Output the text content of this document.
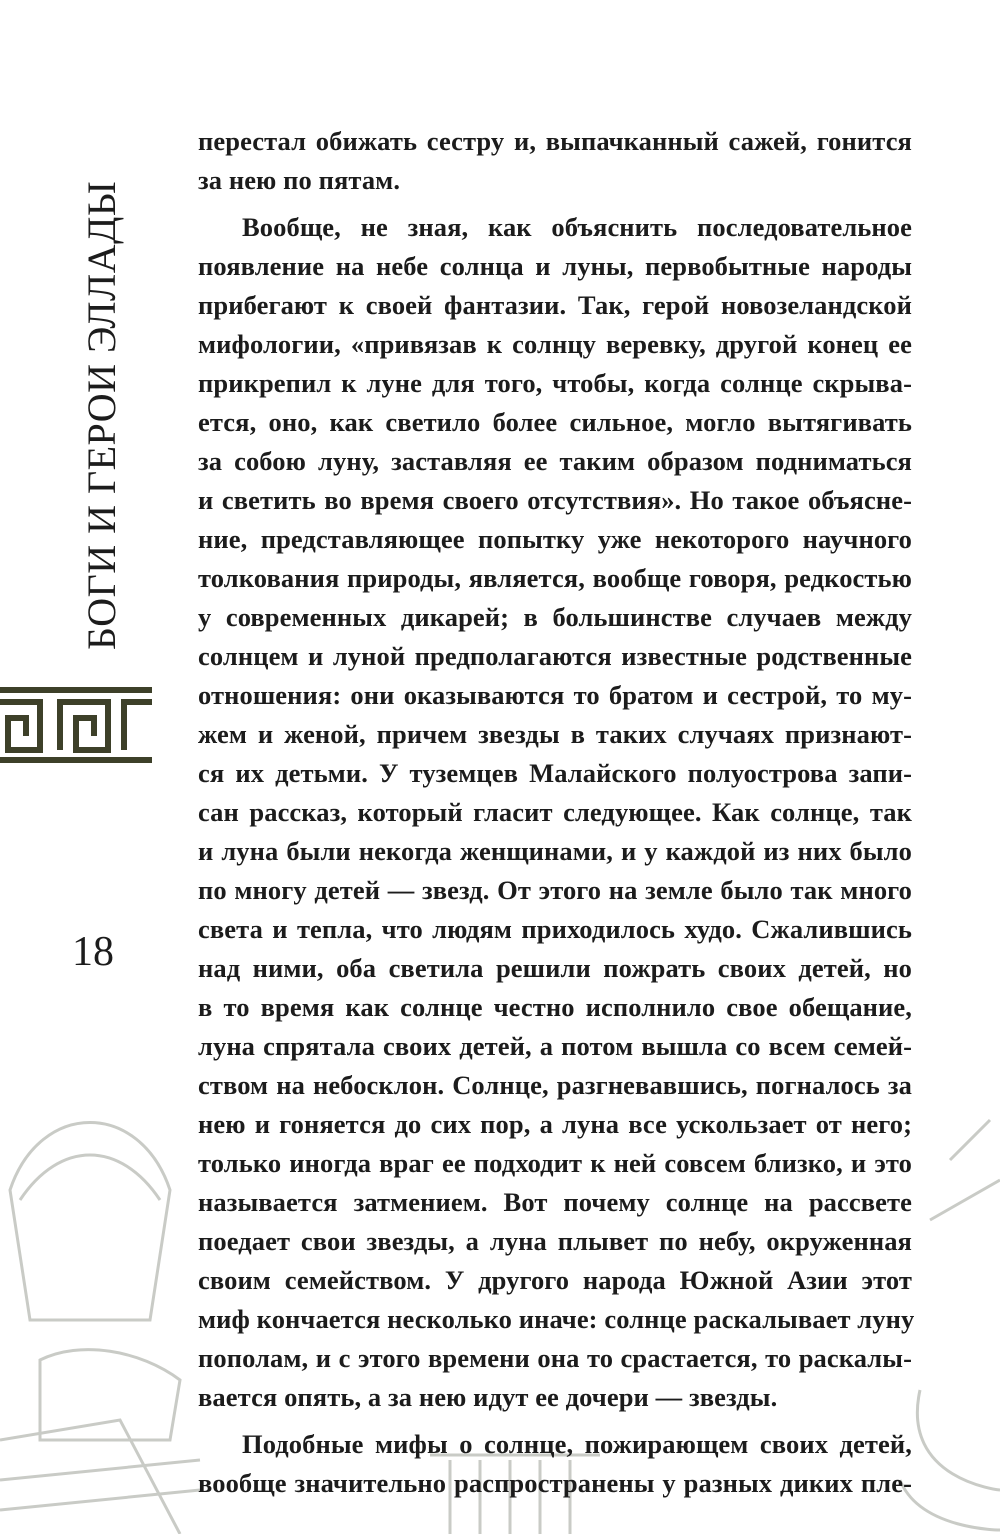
БОГИ И ГЕРОИ ЭЛЛАДЫ
18
перестал обижать сестру и, выпачканный сажей, гонится
за нею по пятам.
Вообще, не зная, как объяснить последовательное
появление на небе солнца и луны, первобытные народы
прибегают к своей фантазии. Так, герой новозеландской
мифологии, «привязав к солнцу веревку, другой конец ее
прикрепил к луне для того, чтобы, когда солнце скрыва-
ется, оно, как светило более сильное, могло вытягивать
за собою луну, заставляя ее таким образом подниматься
и светить во время своего отсутствия». Но такое объясне-
ние, представляющее попытку уже некоторого научного
толкования природы, является, вообще говоря, редкостью
у современных дикарей; в большинстве случаев между
солнцем и луной предполагаются известные родственные
отношения: они оказываются то братом и сестрой, то му-
жем и женой, причем звезды в таких случаях признают-
ся их детьми. У туземцев Малайского полуострова запи-
сан рассказ, который гласит следующее. Как солнце, так
и луна были некогда женщинами, и у каждой из них было
по многу детей — звезд. От этого на земле было так много
света и тепла, что людям приходилось худо. Сжалившись
над ними, оба светила решили пожрать своих детей, но
в то время как солнце честно исполнило свое обещание,
луна спрятала своих детей, а потом вышла со всем семей-
ством на небосклон. Солнце, разгневавшись, погналось за
нею и гоняется до сих пор, а луна все ускользает от него;
только иногда враг ее подходит к ней совсем близко, и это
называется затмением. Вот почему солнце на рассвете
поедает свои звезды, а луна плывет по небу, окруженная
своим семейством. У другого народа Южной Азии этот
миф кончается несколько иначе: солнце раскалывает луну
пополам, и с этого времени она то срастается, то раскалы-
вается опять, а за нею идут ее дочери — звезды.
Подобные мифы о солнце, пожирающем своих детей,
вообще значительно распространены у разных диких пле-
